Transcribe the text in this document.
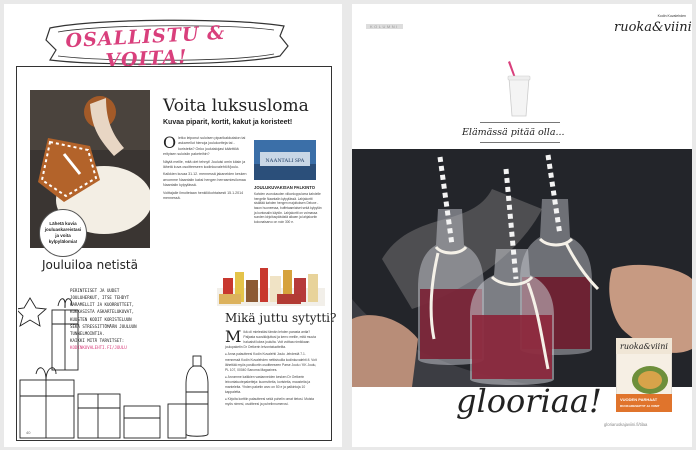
OSALLISTU & VOITA!
Lähetä kuvia jouluaskareistasi ja voita kylpylälomia!
Voita luksusloma
Kuvaa piparit, kortit, kakut ja koristeet!

Oletko leiponut suloisen piparikakkutalon tai askarrellut hienoja joulukortteja tai -koristeita? Onko joulutalojasi käärittöä erityisen suloisiin paketeihin?

Näytä meille, mitä olet tehnyt! Jouluisi omin käsin ja lähetä kuva osoitteeseen kodinkuvalehti.fi/joulu.

Kaikkien kuvaa 31.12. mennessä jakaneiden kesken arvomme Naantalin kaksi hengen herrasmiesilomaa Naantalin kylpylässä.

Voittajalle ilmoitetaan henkilökohtaisesti 15.1.2014 mennessä.

NAANTALI SPA
JOULUKUVAKISAN PALKINTO
Kahden vuorokauden viikonloppuloma kahdelle hengelle Naantalin kylpylässä. Lahjakortti sisältää kahden hengen majoituksen Deluxe -tason huoneessa, buffetaamiaiset sekä kylpylän ja kuntosalin käytön. Lahjakortti on voimassa sunden kirjoituspäivästä alkaen ja lahjakortin kokonaisarvo on noin 300 e.
Jouluiloa netistä
PERINTEISET JA UUDET
JOULUHERKUT, ITSE TEHDYT
KARAMELLIT JA KUORRUTTEET,
KUKKASISTA ASKARTELUKUVAT,
KUUSTEN KODIT KORISTELUUN
SEKÄ STRESSITTÖMÄÄN JOULUUN
TUNNELMOINTIA.
KAIKKI MITÄ TARVITSET:
KODINKUVALEHTI.FI/JOULU
Mikä juttu sytytti?

Mikä oli mielestäsi tämän lehden parasta antia? Paljasta suosikkijuttusi ja kerro meille, mitä muuta haluaisit lukea joululta. Voit voittaa nimikkaan joulupaketin Dr Oetkerin leivontatuotteilta.

● Anna palautteesi Kodin Kuvalehti Joulu -lehdestä 7.1. mennessä Kodin Kuvalehden nettisivuilla kodinkuvalehti.fi. Voit lähettää myös postikortin osoitteeseen Parse Joulu / KK Joulu, PL 107, 00040 Sanoma Magazines.

● Arvomme kaikkien vastanneiden kesken Dr Oetkerin leivontatuotepaketteja: kuorrutteita, koristeita, mausteita ja manteleita. Yhden paketin arvo on 50 e ja palkintoja 10 kappaletta.

● Kirjoita korttiin palautteesi sekä puhelin omat tietosi. Muista myös nimesi, osoitteesi ja puhelinnumerosi.

40
KOLUMNI
Kodin Kuvalehden
ruoka&viini
Elämässä pitää olla...
glooriaa!
ruoka&viini
VUODEN PARHAAT
RUOKARESEPTIT JA VIINIT
gloriaruokajaviini.fi/tilaa
